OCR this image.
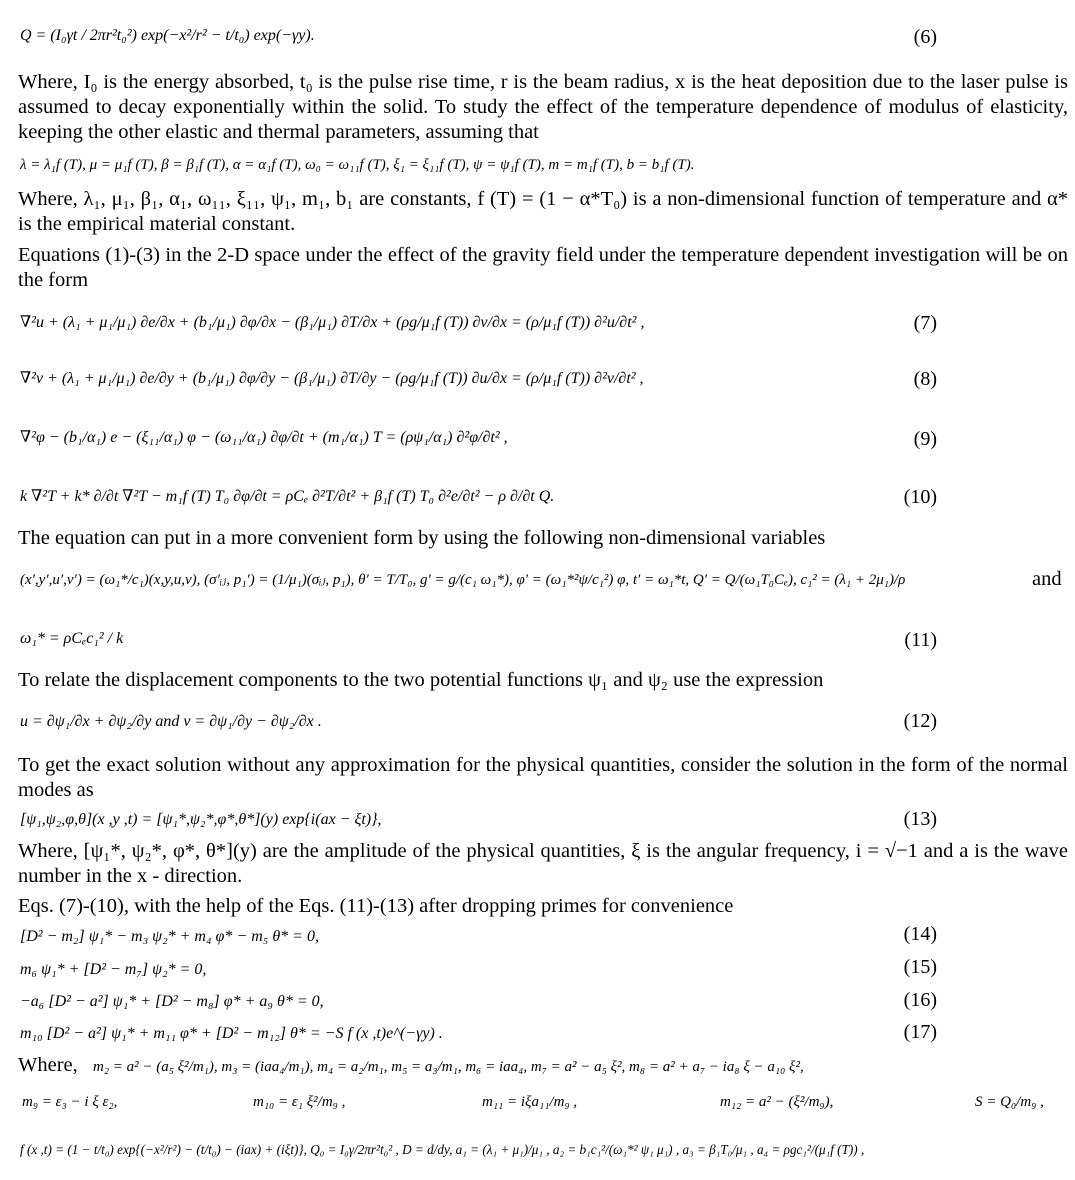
Q = (I₀γt / 2πr²t₀²) exp(−x²/r² − t/t₀) exp(−γy).	(6)
Where, I₀ is the energy absorbed, t₀ is the pulse rise time, r is the beam radius, x is the heat deposition due to the laser pulse is assumed to decay exponentially within the solid. To study the effect of the temperature dependence of modulus of elasticity, keeping the other elastic and thermal parameters, assuming that
λ = λ₁f (T), μ = μ₁f (T), β = β₁f (T), α = α₁f (T), ω₀ = ω₁₁f (T), ξ₁ = ξ₁₁f (T), ψ = ψ₁f (T), m = m₁f (T), b = b₁f (T).
Where, λ₁, μ₁, β₁, α₁, ω₁₁, ξ₁₁, ψ₁, m₁, b₁ are constants, f (T) = (1 − α*T₀) is a non-dimensional function of temperature and α* is the empirical material constant.
Equations (1)-(3) in the 2-D space under the effect of the gravity field under the temperature dependent investigation will be on the form
∇²u + (λ₁ + μ₁/μ₁) ∂e/∂x + (b₁/μ₁) ∂φ/∂x − (β₁/μ₁) ∂T/∂x + (ρg/μ₁f (T)) ∂v/∂x = (ρ/μ₁f (T)) ∂²u/∂t² ,	(7)
∇²v + (λ₁ + μ₁/μ₁) ∂e/∂y + (b₁/μ₁) ∂φ/∂y − (β₁/μ₁) ∂T/∂y − (ρg/μ₁f (T)) ∂u/∂x = (ρ/μ₁f (T)) ∂²v/∂t² ,	(8)
∇²φ − (b₁/α₁) e − (ξ₁₁/α₁) φ − (ω₁₁/α₁) ∂φ/∂t + (m₁/α₁) T = (ρψ₁/α₁) ∂²φ/∂t² ,	(9)
k ∇²T + k* ∂/∂t ∇²T − m₁f (T) T₀ ∂φ/∂t = ρCₑ ∂²T/∂t² + β₁f (T) T₀ ∂²e/∂t² − ρ ∂/∂t Q.	(10)
The equation can put in a more convenient form by using the following non-dimensional variables
(x′,y′,u′,v′) = (ω₁*/c₁)(x,y,u,v), (σ′ᵢⱼ, p₁′) = (1/μ₁)(σᵢⱼ, p₁), θ′ = T/T₀, g′ = g/(c₁ ω₁*), φ′ = (ω₁*²ψ/c₁²) φ, t′ = ω₁*t, Q′ = Q/(ω₁T₀Cₑ), c₁² = (λ₁ + 2μ₁)/ρ	and
ω₁* = ρCₑc₁² / k	(11)
To relate the displacement components to the two potential functions ψ₁ and ψ₂ use the expression
u = ∂ψ₁/∂x + ∂ψ₂/∂y and v = ∂ψ₁/∂y − ∂ψ₂/∂x .	(12)
To get the exact solution without any approximation for the physical quantities, consider the solution in the form of the normal modes as
[ψ₁,ψ₂,φ,θ](x ,y ,t) = [ψ₁*,ψ₂*,φ*,θ*](y) exp{i(ax − ξt)},	(13)
Where, [ψ₁*, ψ₂*, φ*, θ*](y) are the amplitude of the physical quantities, ξ is the angular frequency, i = √−1 and a is the wave number in the x - direction.
Eqs. (7)-(10), with the help of the Eqs. (11)-(13) after dropping primes for convenience
[D² − m₂] ψ₁* − m₃ ψ₂* + m₄ φ* − m₅ θ* = 0,	(14)
m₆ ψ₁* + [D² − m₇] ψ₂* = 0,	(15)
−a₆ [D² − a²] ψ₁* + [D² − m₈] φ* + a₉ θ* = 0,	(16)
m₁₀ [D² − a²] ψ₁* + m₁₁ φ* + [D² − m₁₂] θ* = −S f (x ,t)e^(−γy) .	(17)
Where,	m₂ = a² − (a₅ ξ²/m₁), m₃ = (iaa₄/m₁), m₄ = a₂/m₁, m₅ = a₃/m₁, m₆ = iaa₄, m₇ = a² − a₅ ξ², m₈ = a² + a₇ − ia₈ ξ − a₁₀ ξ²,
m₉ = ε₃ − i ξ ε₂,	m₁₀ = ε₁ ξ²/m₉ ,	m₁₁ = iξa₁₁/m₉ ,	m₁₂ = a² − (ξ²/m₉),	S = Q₀/m₉ ,
f (x ,t) = (1 − t/t₀) exp{(−x²/r²) − (t/t₀) − (iax) + (iξt)}, Q₀ = I₀γ/2πr²t₀² , D = d/dy, a₁ = (λ₁ + μ₁)/μ₁ , a₂ = b₁c₁²/(ω₁*² ψ₁ μ₁) , a₃ = β₁T₀/μ₁ , a₄ = ρgc₁²/(μ₁f (T)) ,
